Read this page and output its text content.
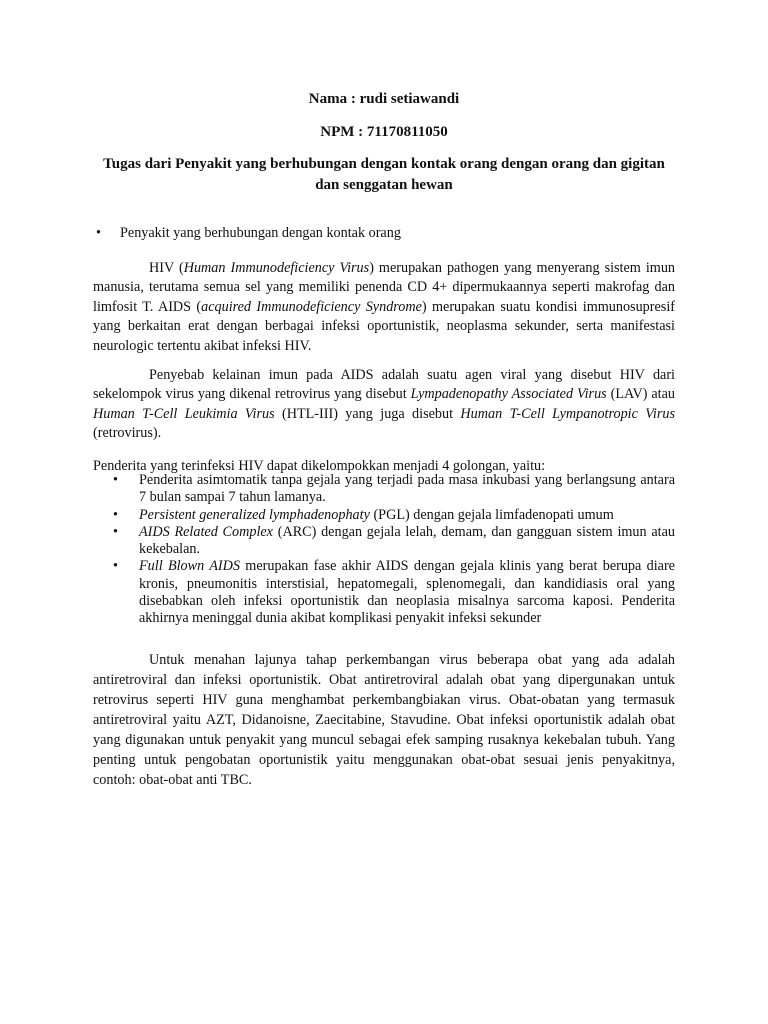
Nama : rudi setiawandi
NPM : 71170811050
Tugas dari Penyakit yang berhubungan dengan kontak orang dengan orang dan gigitan dan senggatan hewan
• Penyakit yang berhubungan dengan kontak orang

HIV (Human Immunodeficiency Virus) merupakan pathogen yang menyerang sistem imun manusia, terutama semua sel yang memiliki penenda CD 4+ dipermukaannya seperti makrofag dan limfosit T. AIDS (acquired Immunodeficiency Syndrome) merupakan suatu kondisi immunosupresif yang berkaitan erat dengan berbagai infeksi oportunistik, neoplasma sekunder, serta manifestasi neurologic tertentu akibat infeksi HIV.

Penyebab kelainan imun pada AIDS adalah suatu agen viral yang disebut HIV dari sekelompok virus yang dikenal retrovirus yang disebut Lympadenopathy Associated Virus (LAV) atau Human T-Cell Leukimia Virus (HTL-III) yang juga disebut Human T-Cell Lympanotropic Virus (retrovirus).

Penderita yang terinfeksi HIV dapat dikelompokkan menjadi 4 golongan, yaitu:

• Penderita asimtomatik tanpa gejala yang terjadi pada masa inkubasi yang berlangsung antara 7 bulan sampai 7 tahun lamanya.
• Persistent generalized lymphadenophaty (PGL) dengan gejala limfadenopati umum
• AIDS Related Complex (ARC) dengan gejala lelah, demam, dan gangguan sistem imun atau kekebalan.
• Full Blown AIDS merupakan fase akhir AIDS dengan gejala klinis yang berat berupa diare kronis, pneumonitis interstisial, hepatomegali, splenomegali, dan kandidiasis oral yang disebabkan oleh infeksi oportunistik dan neoplasia misalnya sarcoma kaposi. Penderita akhirnya meninggal dunia akibat komplikasi penyakit infeksi sekunder

Untuk menahan lajunya tahap perkembangan virus beberapa obat yang ada adalah antiretroviral dan infeksi oportunistik. Obat antiretroviral adalah obat yang dipergunakan untuk retrovirus seperti HIV guna menghambat perkembangbiakan virus. Obat-obatan yang termasuk antiretroviral yaitu AZT, Didanoisne, Zaecitabine, Stavudine. Obat infeksi oportunistik adalah obat yang digunakan untuk penyakit yang muncul sebagai efek samping rusaknya kekebalan tubuh. Yang penting untuk pengobatan oportunistik yaitu menggunakan obat-obat sesuai jenis penyakitnya, contoh: obat-obat anti TBC.
